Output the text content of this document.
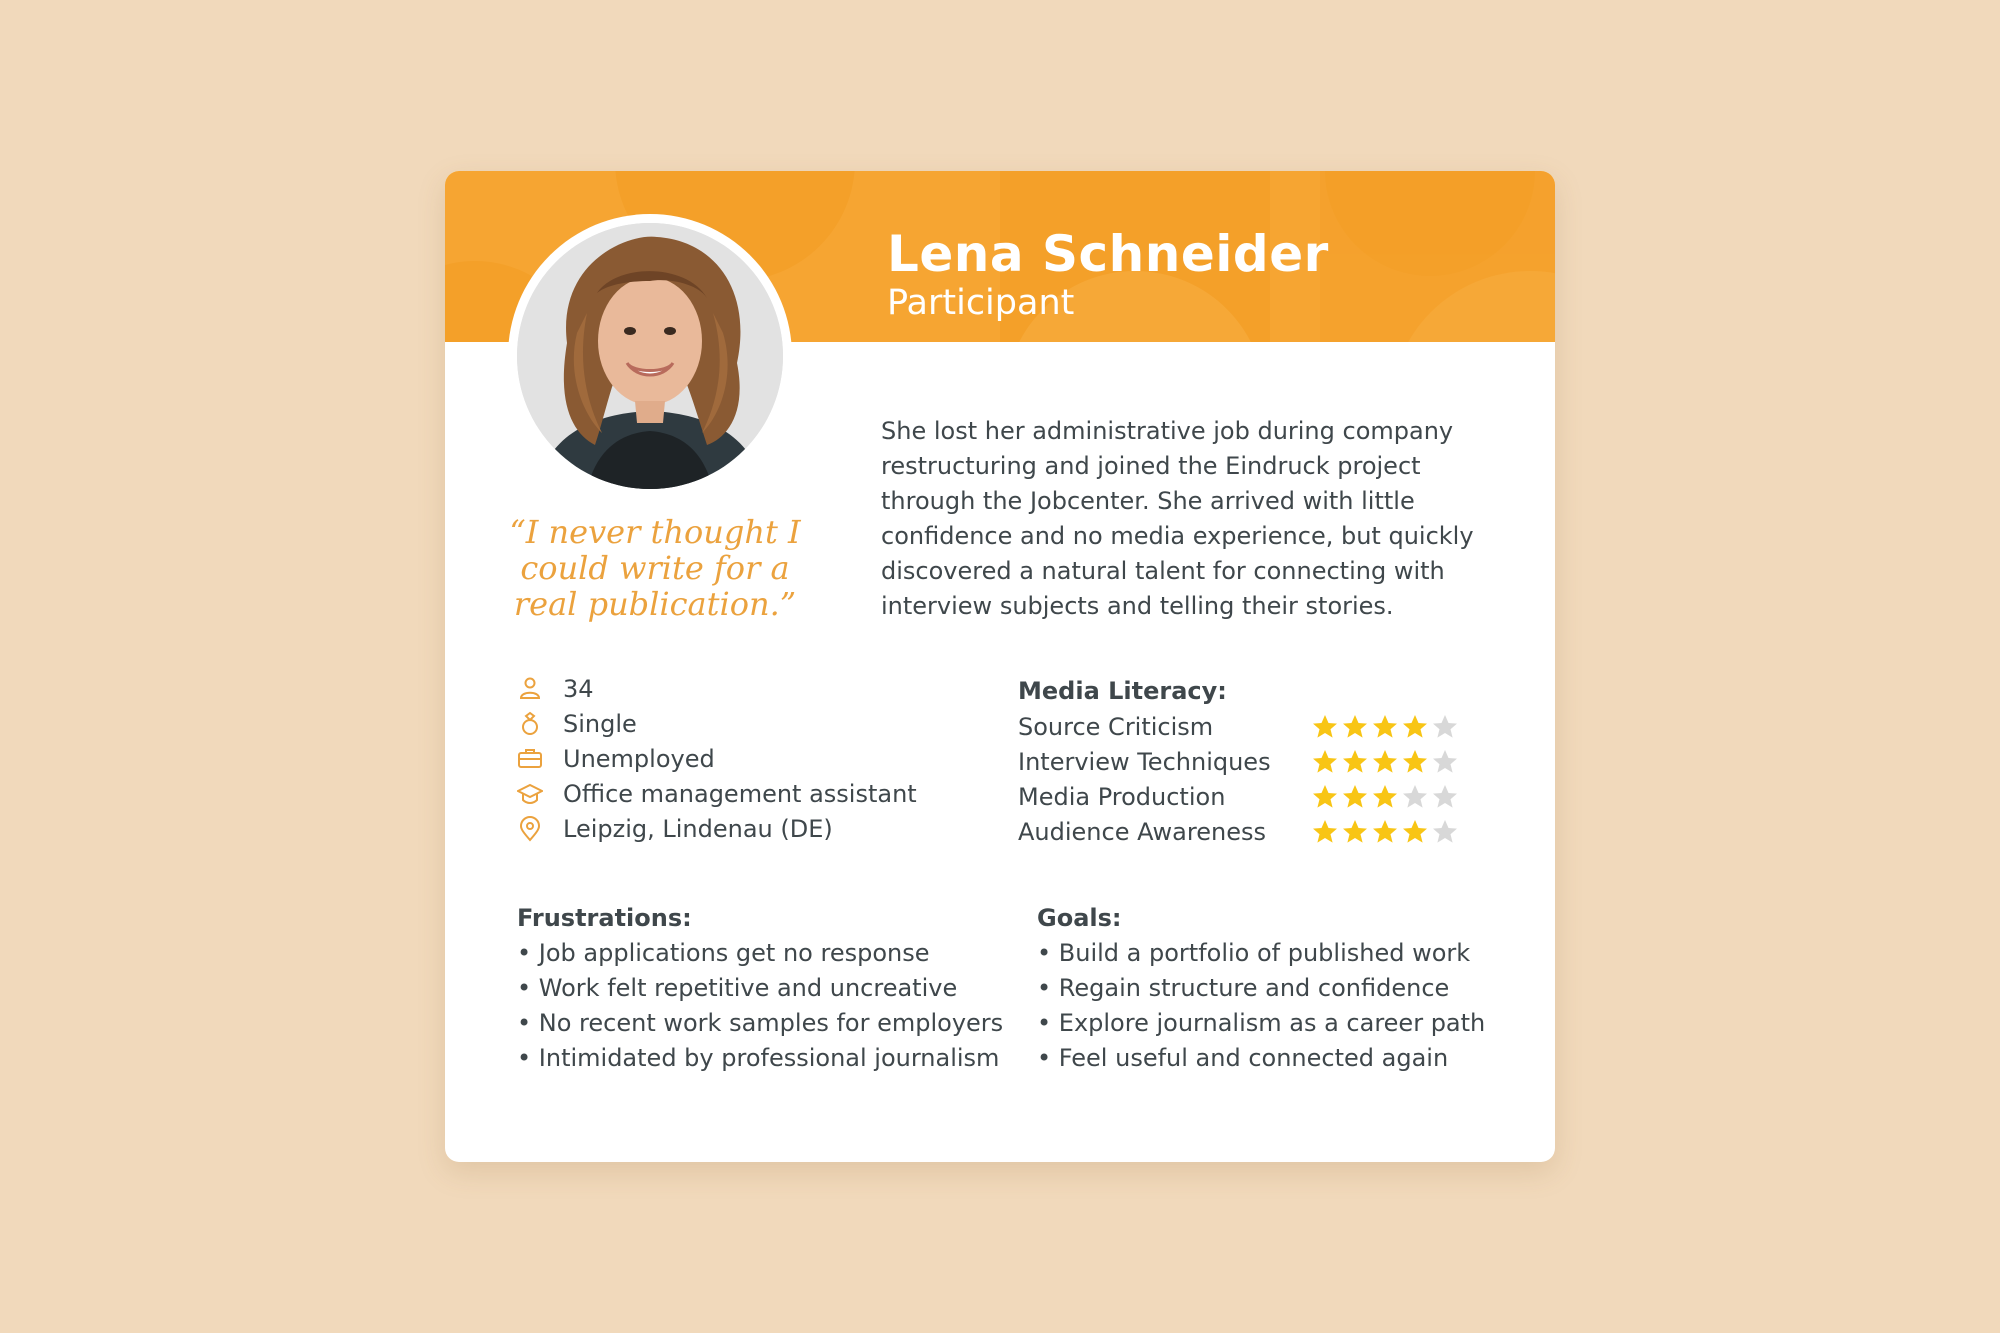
Lena Schneider
Participant
“I never thought I could write for a real publication.”
She lost her administrative job during company restructuring and joined the Eindruck project through the Jobcenter. She arrived with little confidence and no media experience, but quickly discovered a natural talent for connecting with interview subjects and telling their stories.
34
Single
Unemployed
Office management assistant
Leipzig, Lindenau (DE)
Media Literacy:
Source Criticism
Interview Techniques
Media Production
Audience Awareness
Frustrations:
• Job applications get no response
• Work felt repetitive and uncreative
• No recent work samples for employers
• Intimidated by professional journalism
Goals:
• Build a portfolio of published work
• Regain structure and confidence
• Explore journalism as a career path
• Feel useful and connected again
